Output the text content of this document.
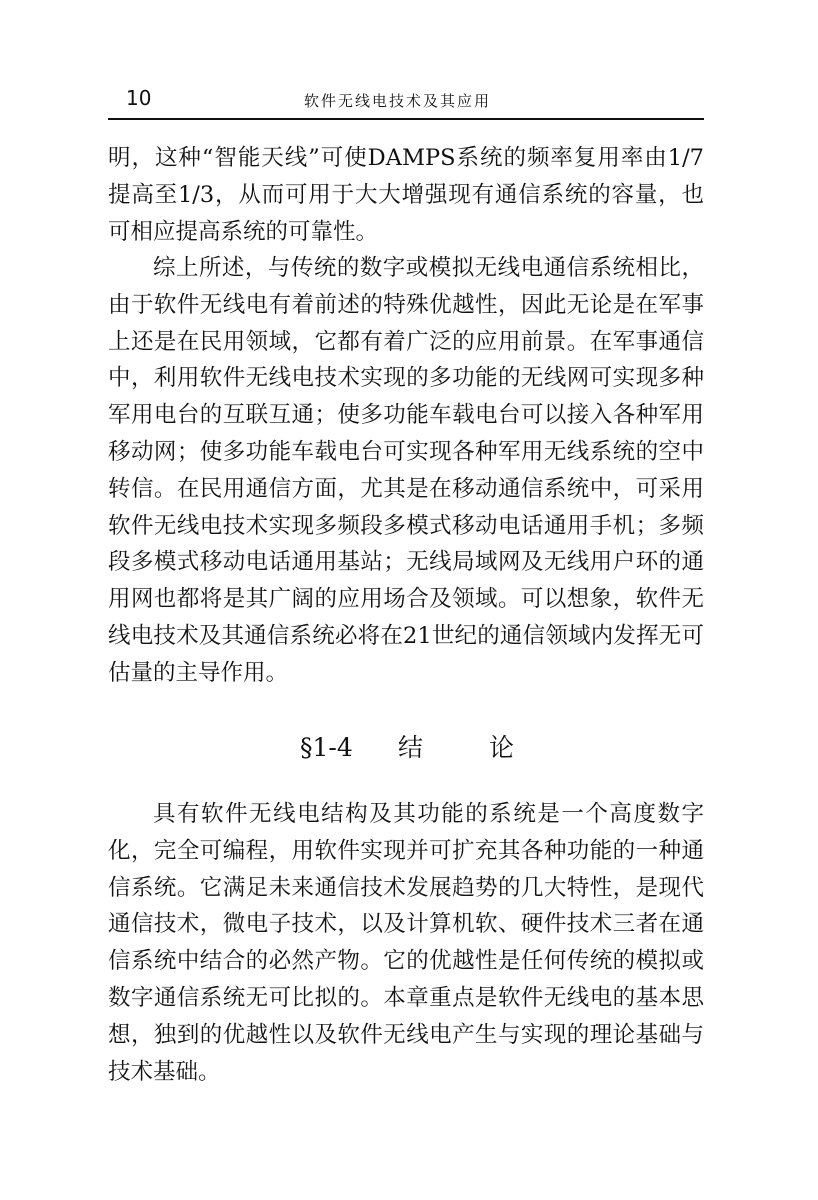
10	软件无线电技术及其应用

明，这种“智能天线”可使DAMPS系统的频率复用率由1/7提高至1/3，从而可用于大大增强现有通信系统的容量，也可相应提高系统的可靠性。

综上所述，与传统的数字或模拟无线电通信系统相比，由于软件无线电有着前述的特殊优越性，因此无论是在军事上还是在民用领域，它都有着广泛的应用前景。在军事通信中，利用软件无线电技术实现的多功能的无线网可实现多种军用电台的互联互通；使多功能车载电台可以接入各种军用移动网；使多功能车载电台可实现各种军用无线系统的空中转信。在民用通信方面，尤其是在移动通信系统中，可采用软件无线电技术实现多频段多模式移动电话通用手机；多频段多模式移动电话通用基站；无线局域网及无线用户环的通用网也都将是其广阔的应用场合及领域。可以想象，软件无线电技术及其通信系统必将在21世纪的通信领域内发挥无可估量的主导作用。

§1-4 结论

具有软件无线电结构及其功能的系统是一个高度数字化，完全可编程，用软件实现并可扩充其各种功能的一种通信系统。它满足未来通信技术发展趋势的几大特性，是现代通信技术，微电子技术，以及计算机软、硬件技术三者在通信系统中结合的必然产物。它的优越性是任何传统的模拟或数字通信系统无可比拟的。本章重点是软件无线电的基本思想，独到的优越性以及软件无线电产生与实现的理论基础与技术基础。
